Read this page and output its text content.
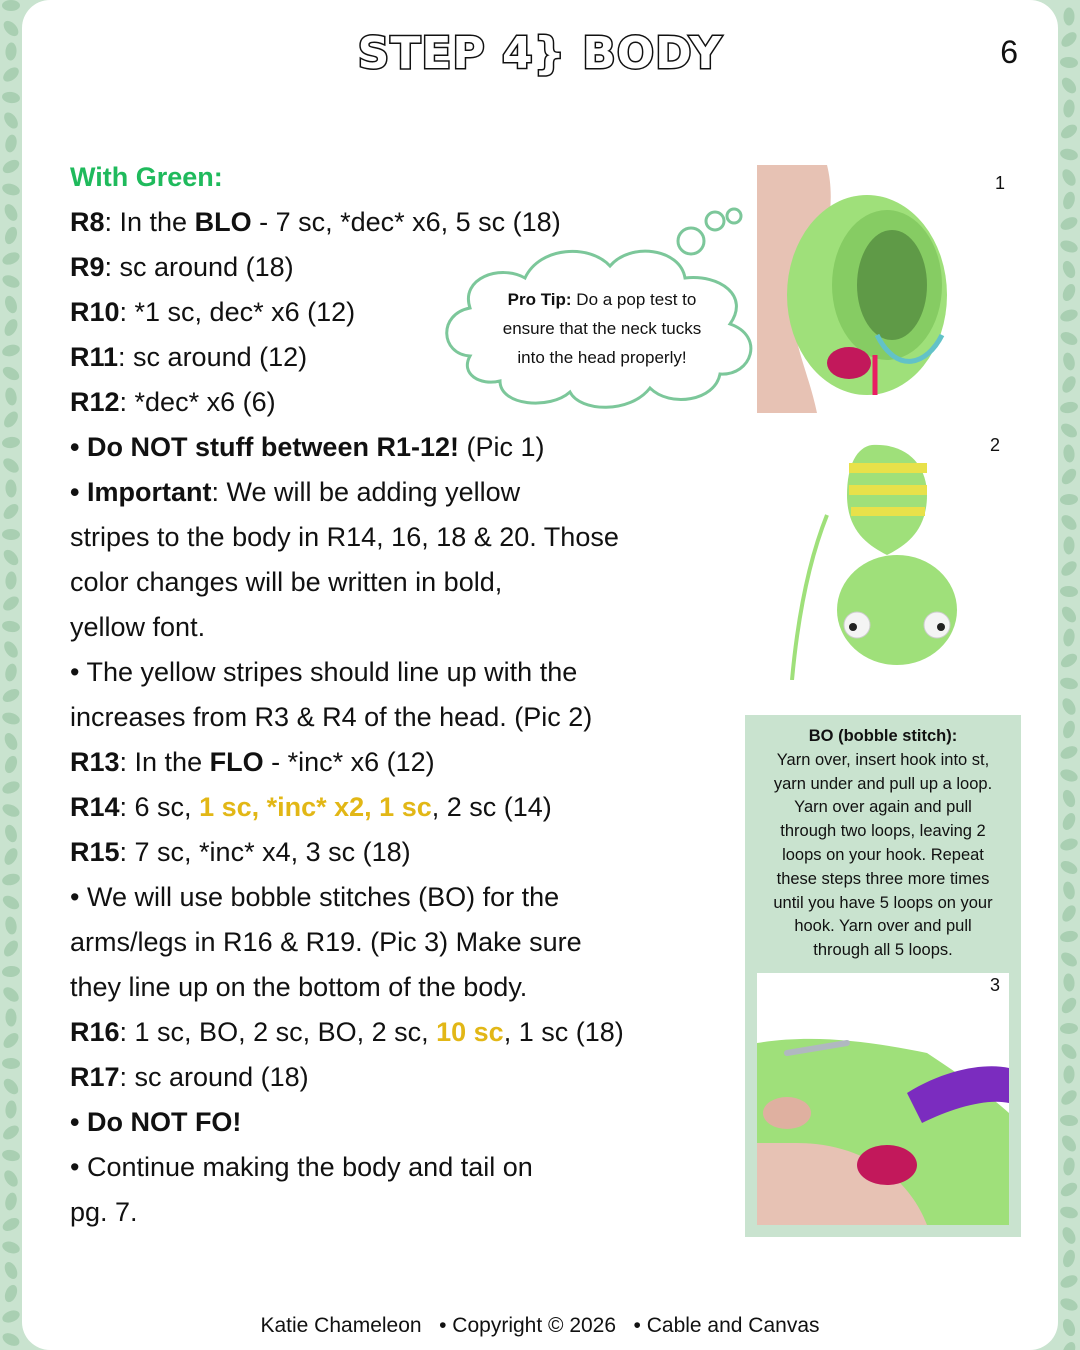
STEP 4} BODY	6
With Green:
R8: In the BLO - 7 sc, *dec* x6, 5 sc (18)
R9: sc around (18)
R10: *1 sc, dec* x6 (12)
R11: sc around (12)
R12: *dec* x6 (6)
• Do NOT stuff between R1-12! (Pic 1)
• Important: We will be adding yellow
stripes to the body in R14, 16, 18 & 20. Those
color changes will be written in bold,
yellow font.
• The yellow stripes should line up with the
increases from R3 & R4 of the head. (Pic 2)
R13: In the FLO - *inc* x6 (12)
R14: 6 sc, 1 sc, *inc* x2, 1 sc, 2 sc (14)
R15: 7 sc, *inc* x4, 3 sc (18)
• We will use bobble stitches (BO) for the
arms/legs in R16 & R19. (Pic 3) Make sure
they line up on the bottom of the body.
R16: 1 sc, BO, 2 sc, BO, 2 sc, 10 sc, 1 sc (18)
R17: sc around (18)
• Do NOT FO!
• Continue making the body and tail on
pg. 7.
Pro Tip: Do a pop test to
ensure that the neck tucks
into the head properly!
1
2
BO (bobble stitch):
Yarn over, insert hook into st,
yarn under and pull up a loop.
Yarn over again and pull
through two loops, leaving 2
loops on your hook. Repeat
these steps three more times
until you have 5 loops on your
hook. Yarn over and pull
through all 5 loops.
3
Katie Chameleon • Copyright © 2026 • Cable and Canvas
